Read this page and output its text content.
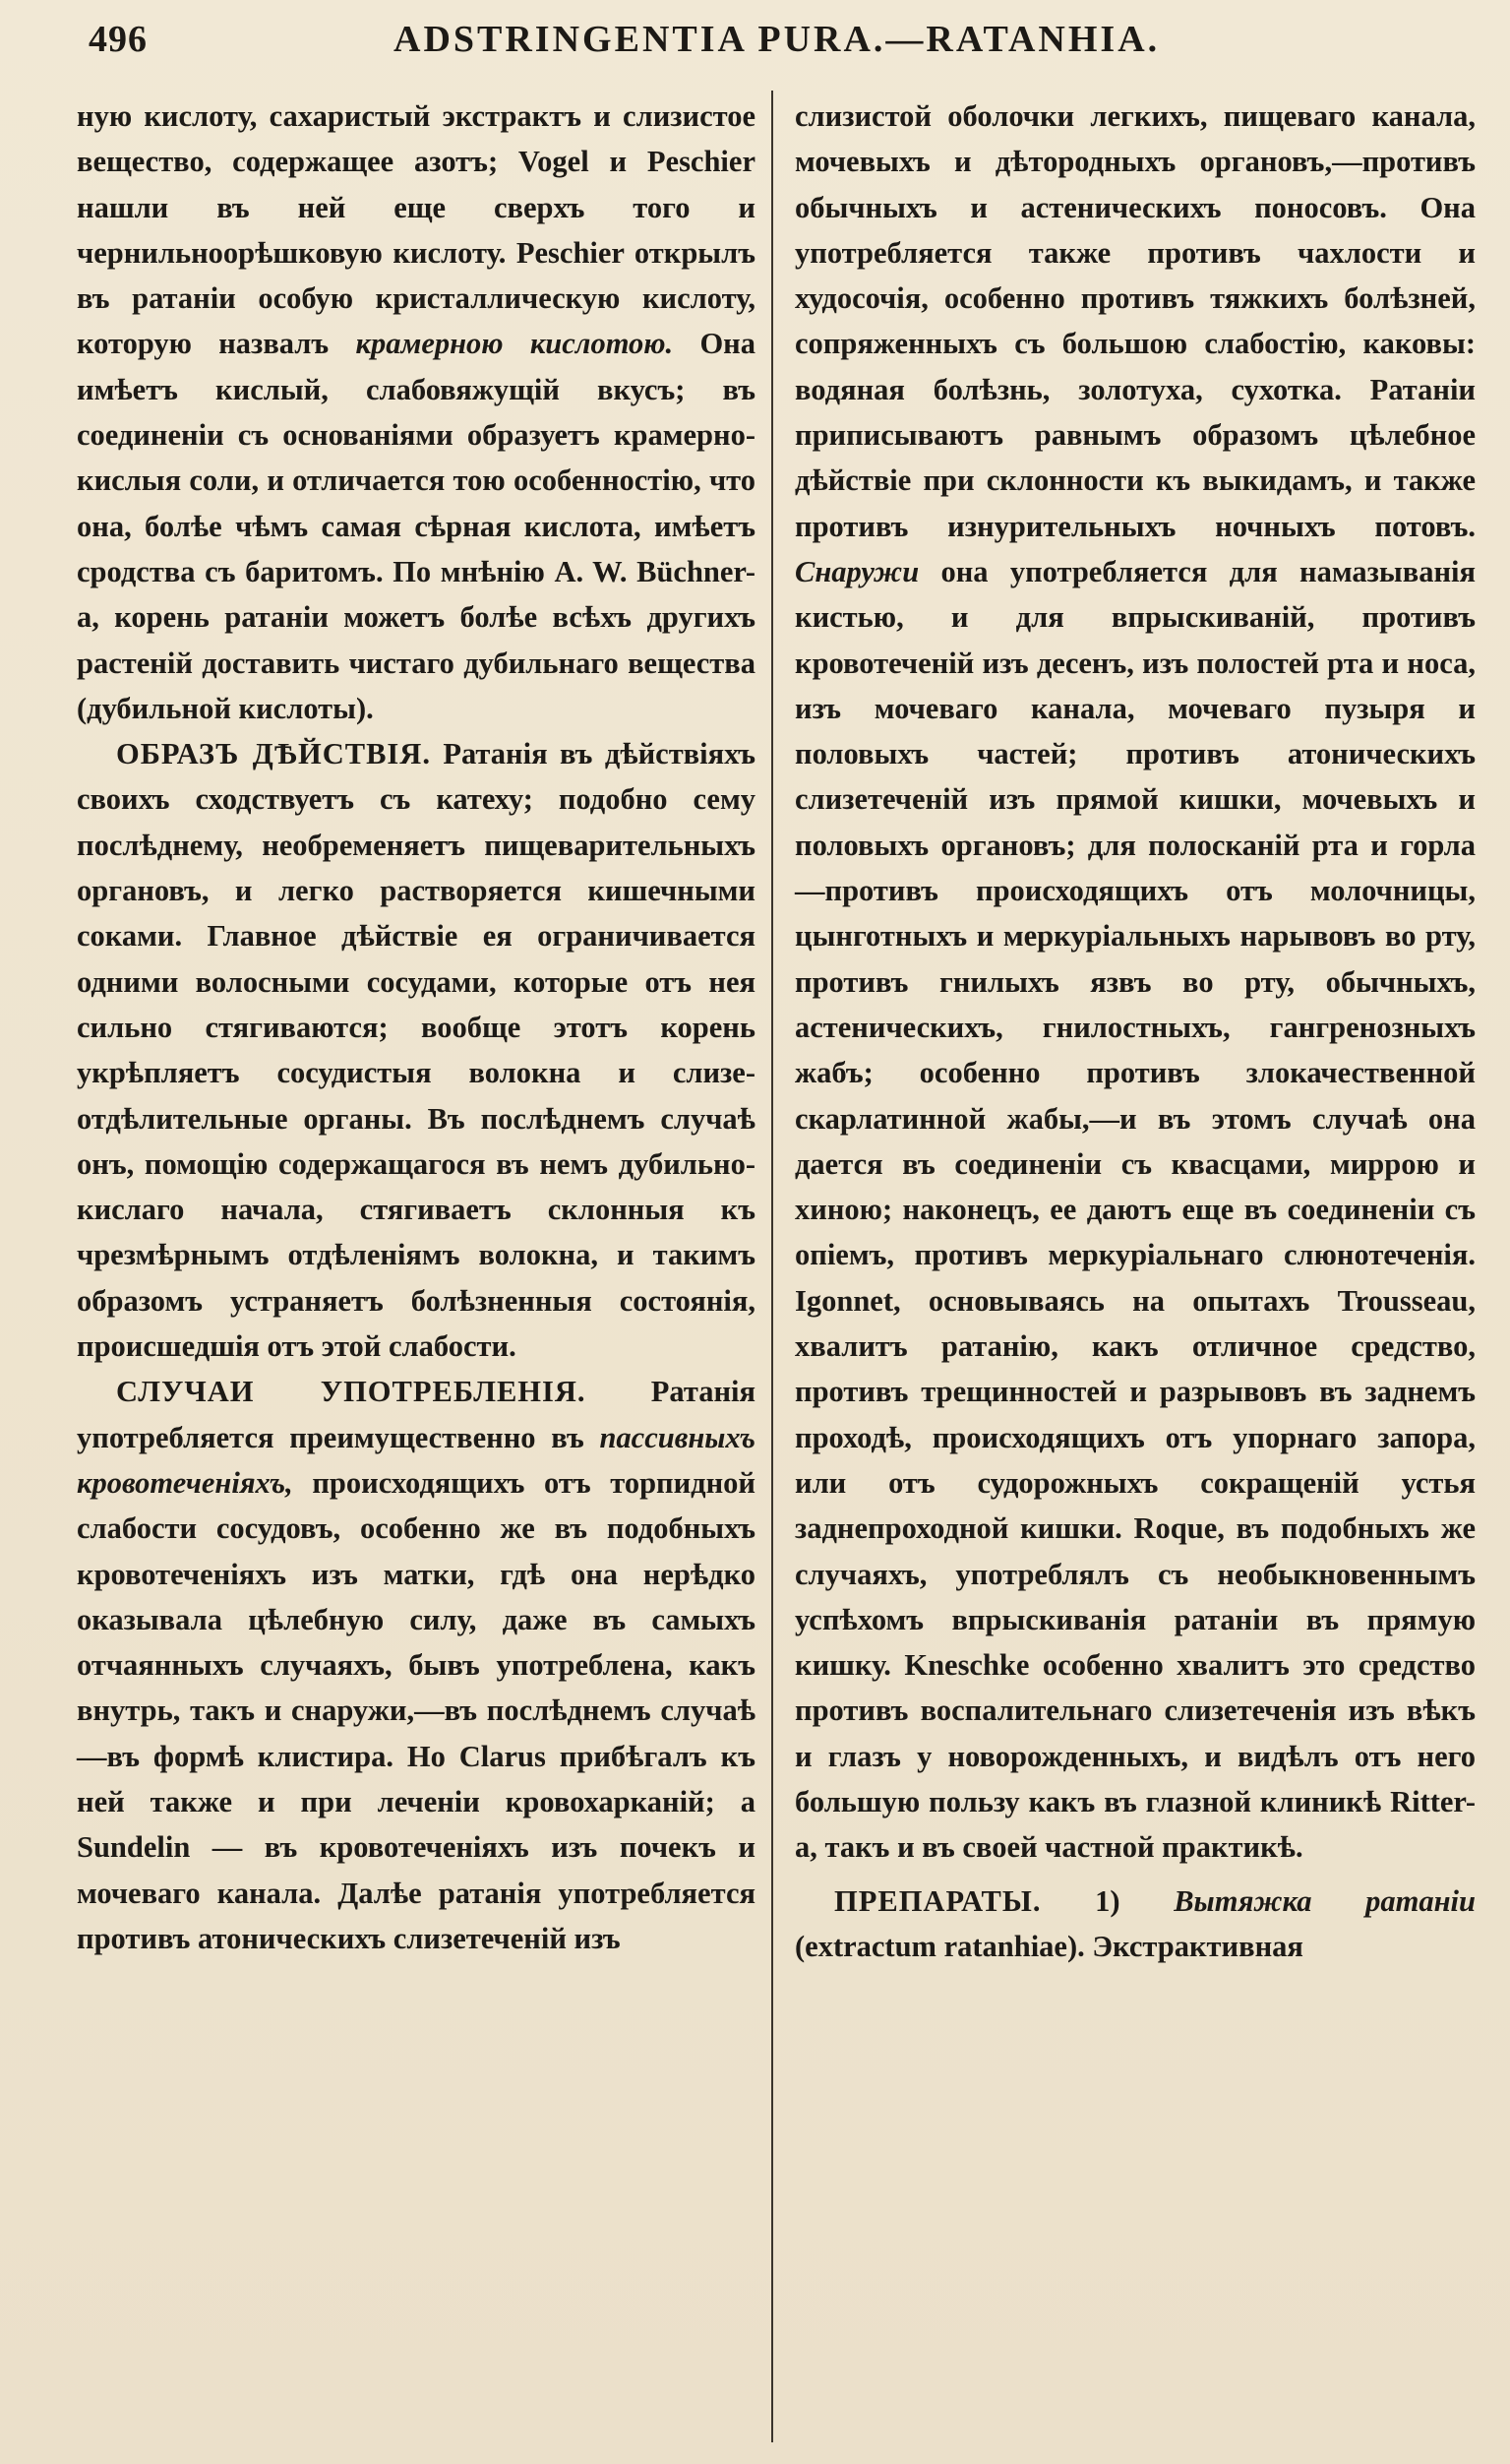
496	ADSTRINGENTIA PURA.—RATANHIA.

ную кислоту, сахаристый экстрактъ и слизистое вещество, содержащее азотъ; Vogel и Peschier нашли въ ней еще сверхъ того и чернильноорѣшковую кислоту. Peschier открылъ въ ратаніи особую кристаллическую кислоту, которую назвалъ крамерною кислотою. Она имѣетъ кислый, слабовяжущій вкусъ; въ соединеніи съ основаніями образуетъ крамерно-кислыя соли, и отличается тою особенностію, что она, болѣе чѣмъ самая сѣрная кислота, имѣетъ сродства съ баритомъ. По мнѣнію A. W. Büchner-а, корень ратаніи можетъ болѣе всѣхъ другихъ растеній доставить чистаго дубильнаго вещества (дубильной кислоты).

ОБРАЗЪ ДѢЙСТВІЯ. Ратанія въ дѣйствіяхъ своихъ сходствуетъ съ катеху; подобно сему послѣднему, необременяетъ пищеварительныхъ органовъ, и легко растворяется кишечными соками. Главное дѣйствіе ея ограничивается одними волосными сосудами, которые отъ нея сильно стягиваются; вообще этотъ корень укрѣпляетъ сосудистыя волокна и слизе-отдѣлительные органы. Въ послѣднемъ случаѣ онъ, помощію содержащагося въ немъ дубильно-кислаго начала, стягиваетъ склонныя къ чрезмѣрнымъ отдѣленіямъ волокна, и такимъ образомъ устраняетъ болѣзненныя состоянія, происшедшія отъ этой слабости.

СЛУЧАИ УПОТРЕБЛЕНІЯ. Ратанія употребляется преимущественно въ пассивныхъ кровотеченіяхъ, происходящихъ отъ торпидной слабости сосудовъ, особенно же въ подобныхъ кровотеченіяхъ изъ матки, гдѣ она нерѣдко оказывала цѣлебную силу, даже въ самыхъ отчаянныхъ случаяхъ, бывъ употреблена, какъ внутрь, такъ и снаружи,—въ послѣднемъ случаѣ—въ формѣ клистира. Но Clarus прибѣгалъ къ ней также и при леченіи кровохарканій; а Sundelin — въ кровотеченіяхъ изъ почекъ и мочеваго канала. Далѣе ратанія употребляется противъ атоническихъ слизетеченій изъ

слизистой оболочки легкихъ, пищеваго канала, мочевыхъ и дѣтородныхъ органовъ,—противъ обычныхъ и астеническихъ поносовъ. Она употребляется также противъ чахлости и худосочія, особенно противъ тяжкихъ болѣзней, сопряженныхъ съ большою слабостію, каковы: водяная болѣзнь, золотуха, сухотка. Ратаніи приписываютъ равнымъ образомъ цѣлебное дѣйствіе при склонности къ выкидамъ, и также противъ изнурительныхъ ночныхъ потовъ. Снаружи она употребляется для намазыванія кистью, и для впрыскиваній, противъ кровотеченій изъ деcенъ, изъ полостей рта и носа, изъ мочеваго канала, мочеваго пузыря и половыхъ частей; противъ атоническихъ слизетеченій изъ прямой кишки, мочевыхъ и половыхъ органовъ; для полосканій рта и горла—противъ происходящихъ отъ молочницы, цынготныхъ и меркуріальныхъ нарывовъ во рту, противъ гнилыхъ язвъ во рту, обычныхъ, астеническихъ, гнилостныхъ, гангренозныхъ жабъ; особенно противъ злокачественной скарлатинной жабы,—и въ этомъ случаѣ она дается въ соединеніи съ квасцами, миррою и хиною; наконецъ, ее даютъ еще въ соединеніи съ опіемъ, противъ меркуріальнаго слюнотеченія. Igonnet, основываясь на опытахъ Trousseau, хвалитъ ратанію, какъ отличное средство, противъ трещинностей и разрывовъ въ заднемъ проходѣ, происходящихъ отъ упорнаго запора, или отъ судорожныхъ сокращеній устья заднепроходной кишки. Roque, въ подобныхъ же случаяхъ, употреблялъ съ необыкновеннымъ успѣхомъ впрыскиванія ратаніи въ прямую кишку. Kneschke особенно хвалитъ это средство противъ воспалительнаго слизетеченія изъ вѣкъ и глазъ у новорожденныхъ, и видѣлъ отъ него большую пользу какъ въ глазной клиникѣ Ritter-а, такъ и въ своей частной практикѣ.

ПРЕПАРАТЫ. 1) Вытяжка ратаніи (extractum ratanhiae). Экстрактивная
